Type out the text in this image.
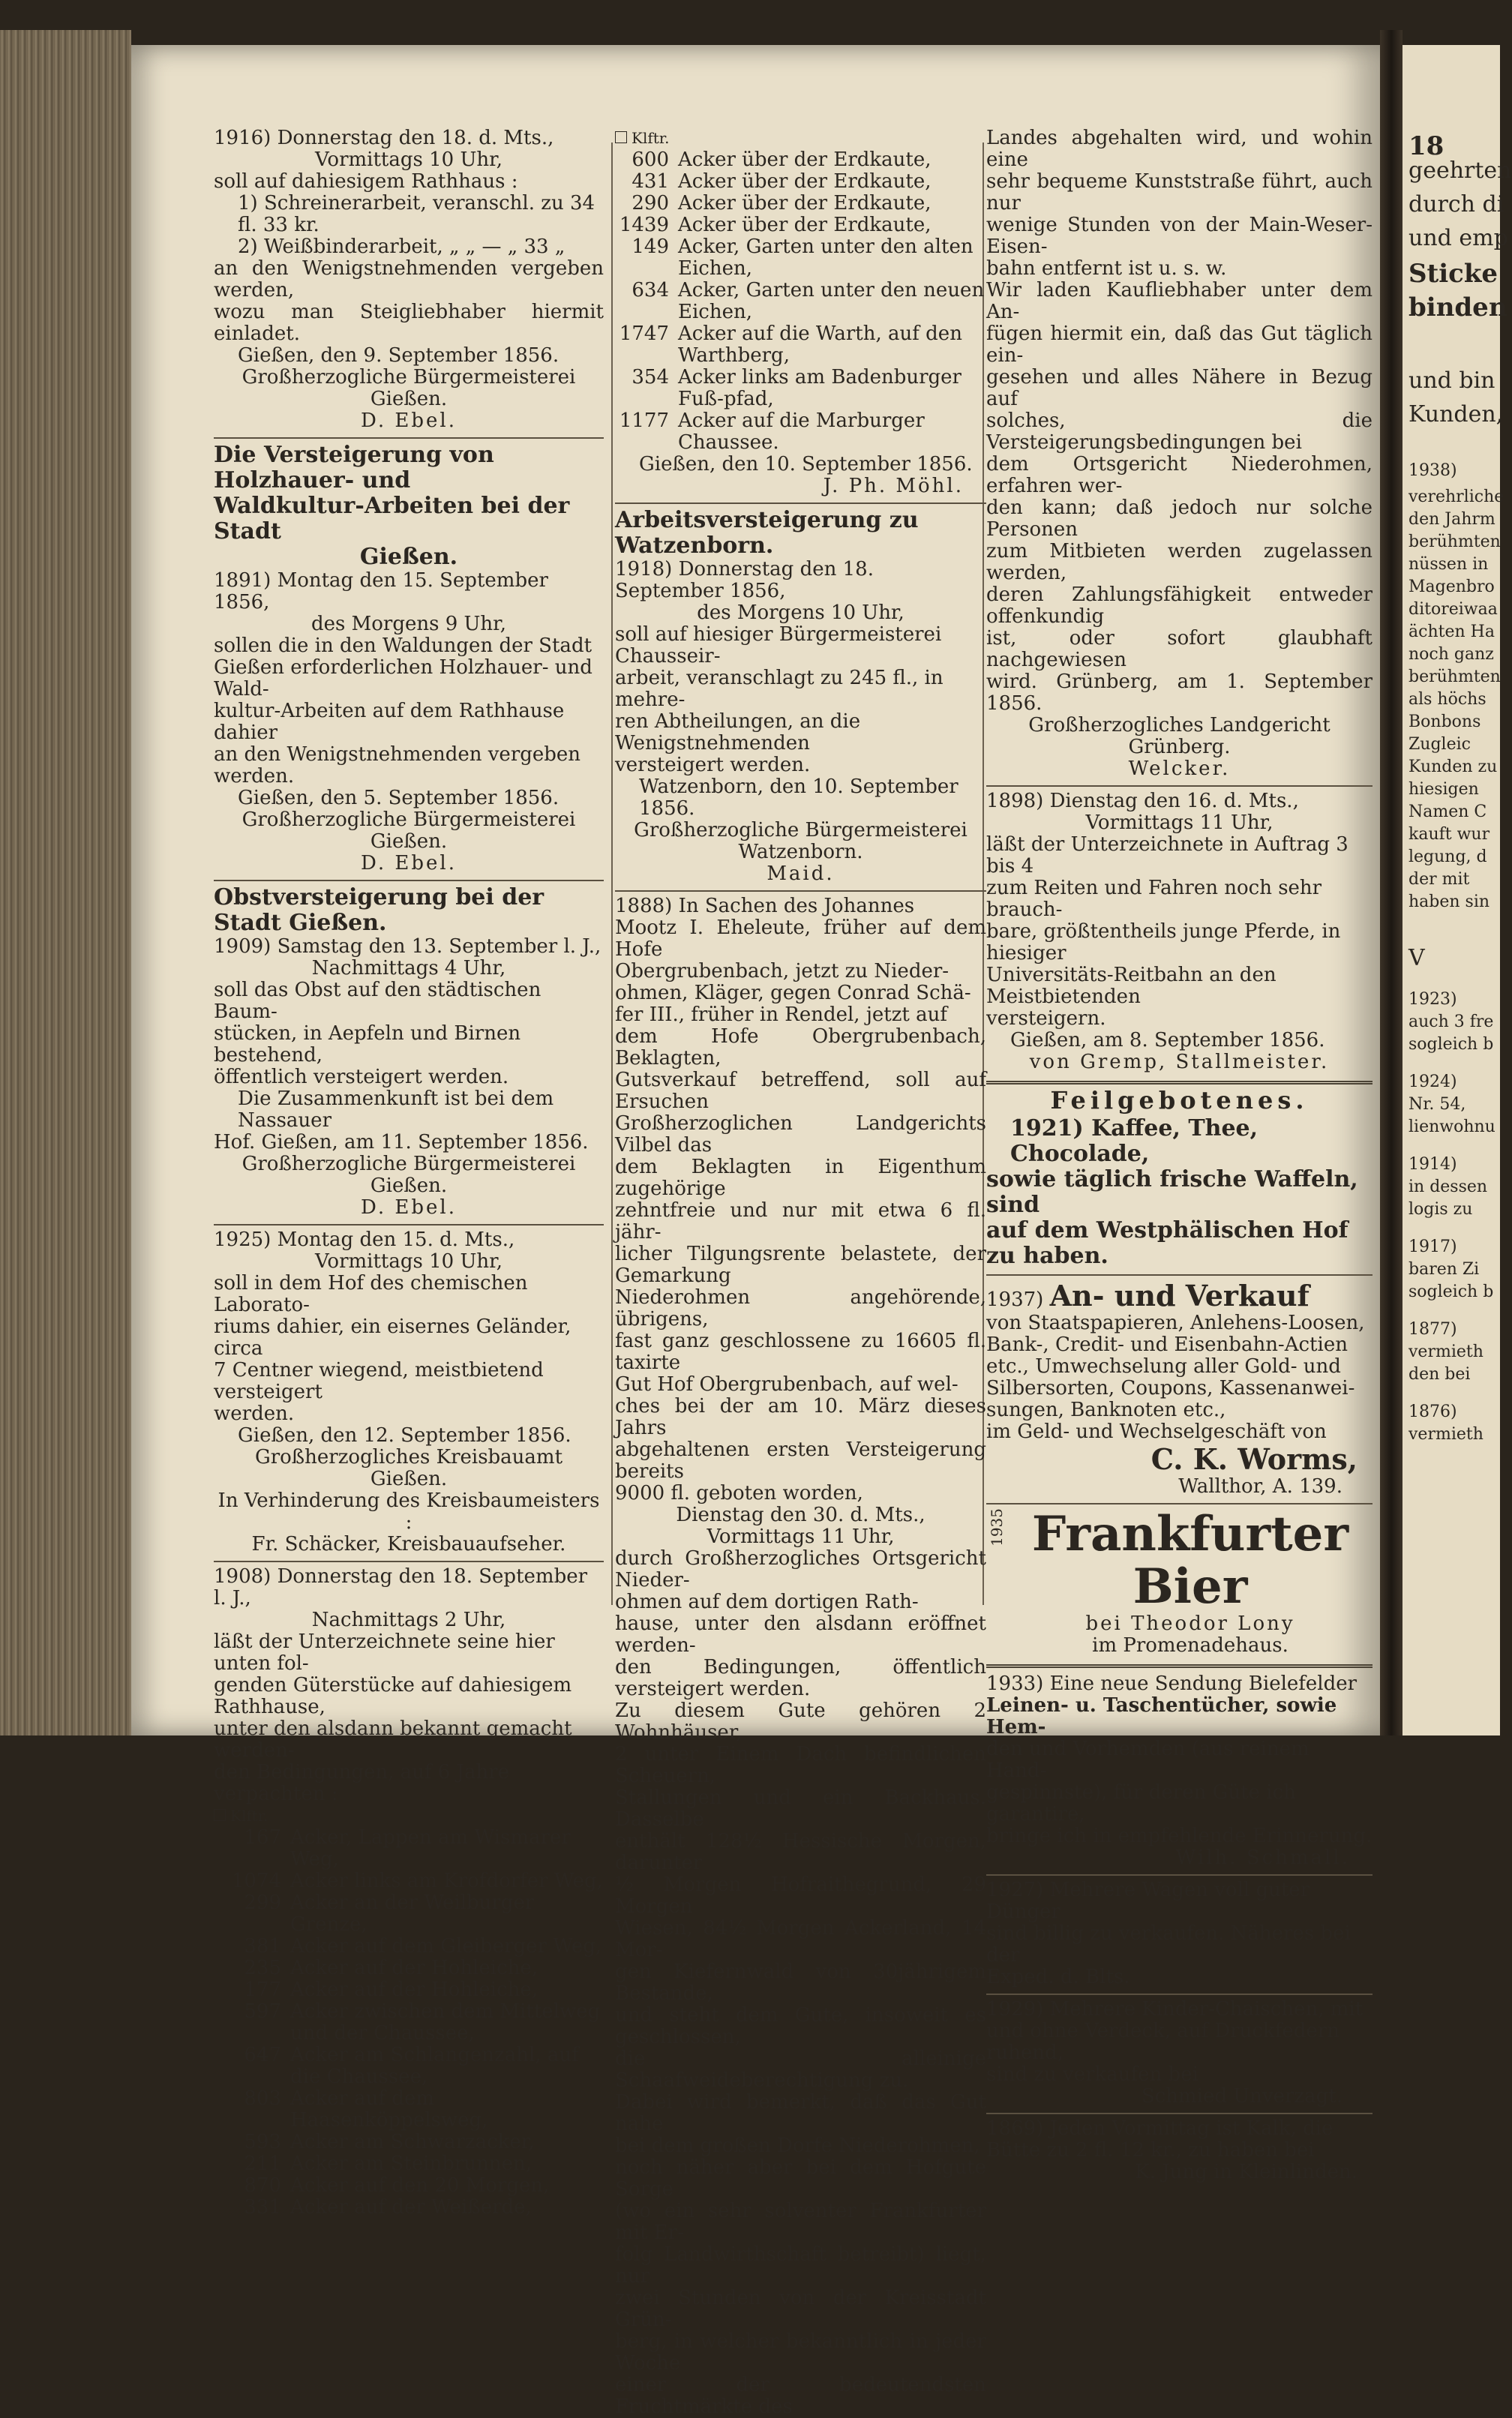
1916) Donnerstag den 18. d. Mts.,

Vormittags 10 Uhr,

soll auf dahiesigem Rathhaus :

1) Schreinerarbeit, veranschl. zu 34 fl. 33 kr.

2) Weißbinderarbeit, „ „ — „ 33 „

an den Wenigstnehmenden vergeben werden,

wozu man Steigliebhaber hiermit einladet.

Gießen, den 9. September 1856.

Großherzogliche Bürgermeisterei Gießen.

D. Ebel.

Die Versteigerung von Holzhauer- und

Waldkultur-Arbeiten bei der Stadt

Gießen.

1891) Montag den 15. September 1856,

des Morgens 9 Uhr,

sollen die in den Waldungen der Stadt

Gießen erforderlichen Holzhauer- und Wald-

kultur-Arbeiten auf dem Rathhause dahier

an den Wenigstnehmenden vergeben werden.

Gießen, den 5. September 1856.

Großherzogliche Bürgermeisterei Gießen.

D. Ebel.

Obstversteigerung bei der Stadt Gießen.

1909) Samstag den 13. September l. J.,

Nachmittags 4 Uhr,

soll das Obst auf den städtischen Baum-

stücken, in Aepfeln und Birnen bestehend,

öffentlich versteigert werden.

Die Zusammenkunft ist bei dem Nassauer

Hof. Gießen, am 11. September 1856.

Großherzogliche Bürgermeisterei Gießen.

D. Ebel.

1925) Montag den 15. d. Mts.,

Vormittags 10 Uhr,

soll in dem Hof des chemischen Laborato-

riums dahier, ein eisernes Geländer, circa

7 Centner wiegend, meistbietend versteigert

werden.

Gießen, den 12. September 1856.

Großherzogliches Kreisbauamt Gießen.

In Verhinderung des Kreisbaumeisters :

Fr. Schäcker, Kreisbauaufseher.

1908) Donnerstag den 18. September l. J.,

Nachmittags 2 Uhr,

läßt der Unterzeichnete seine hier unten fol-

genden Güterstücke auf dahiesigem Rathhause,

unter den alsdann bekannt gemacht werden-

den Bedingungen, auf 6 Jahre verpachten :

Klftr.

167 Acker, Lappen am Wismarer Weg,
1074 Acker links am Krofdorfer Weg,
299 Acker an der Weilburger Grenze,
381 Acker auf dem Gleiberger Weg,
235 Acker auf der Hohleiche,
177 Acker auf der Hohleiche,
597 Acker zwischen dem Mittelweg und der Chaussee,
647 Acker am Schlangenzahl, auf die Chaussee,
803 Acker auf dem Haasenköppelsweg,
593 Acker am Schwarzacker,
211 Acker am Steinbrunnen,
870 Acker auf den 20 Morgen,
331 Acker auf der Weißerde,

Klftr.

600 Acker über der Erdkaute,
431 Acker über der Erdkaute,
290 Acker über der Erdkaute,
1439 Acker über der Erdkaute,
149 Acker, Garten unter den alten Eichen,
634 Acker, Garten unter den neuen Eichen,
1747 Acker auf die Warth, auf den Warthberg,
354 Acker links am Badenburger Fuß-pfad,
1177 Acker auf die Marburger Chaussee.

Gießen, den 10. September 1856.

J. Ph. Möhl.

Arbeitsversteigerung zu Watzenborn.

1918) Donnerstag den 18. September 1856,

des Morgens 10 Uhr,

soll auf hiesiger Bürgermeisterei Chausseir-

arbeit, veranschlagt zu 245 fl., in mehre-

ren Abtheilungen, an die Wenigstnehmenden

versteigert werden.

Watzenborn, den 10. September 1856.

Großherzogliche Bürgermeisterei Watzenborn.

Maid.

1888) In Sachen des Johannes

Mootz I. Eheleute, früher auf dem Hofe

Obergrubenbach, jetzt zu Nieder-

ohmen, Kläger, gegen Conrad Schä-

fer III., früher in Rendel, jetzt auf

dem Hofe Obergrubenbach, Beklagten,

Gutsverkauf betreffend, soll auf Ersuchen

Großherzoglichen Landgerichts Vilbel das

dem Beklagten in Eigenthum zugehörige

zehntfreie und nur mit etwa 6 fl. jähr-

licher Tilgungsrente belastete, der Gemarkung

Niederohmen angehörende, übrigens,

fast ganz geschlossene zu 16605 fl. taxirte

Gut Hof Obergrubenbach, auf wel-

ches bei der am 10. März dieses Jahrs

abgehaltenen ersten Versteigerung bereits

9000 fl. geboten worden,

Dienstag den 30. d. Mts.,

Vormittags 11 Uhr,

durch Großherzogliches Ortsgericht Nieder-

ohmen auf dem dortigen Rath-

hause, unter den alsdann eröffnet werden-

den Bedingungen, öffentlich versteigert werden.

Zu diesem Gute gehören 2 Wohnhäuser,

2 unter Einem Dach befindlichen Scheuern,

Stallungen und ein Backhaus. Dasselbe

enthält 128½ Hessische Morgen, darunter

½ Morgen Hofraithegrund, 29 Morgen

Wiesen, 84½ Morgen Ackerland, 14 Mor-

gen Kiefernwald von 30jährigem Bestande,

und steht dem Gute, insoweit es geschlossen,

die alleinige Schaafweideberechtigung zu.

Dabei wird bemerkt, daß das Gut nahe

bei dem großen Dorfe Niederohmen,

noch näher aber bei dem Hofgute Sorge

(wo ein sehr solventer Frankfurter mit Er-

folg Landwirthschaft betreibt) liegt, nur

zwei Stunden von der Kreisstadt Grün-

berg, in welcher bekanntlich in jeder Woche

einer der bedeutendsten Fruchtmärkte des

Landes abgehalten wird, und wohin eine

sehr bequeme Kunststraße führt, auch nur

wenige Stunden von der Main-Weser-Eisen-

bahn entfernt ist u. s. w.

Wir laden Kaufliebhaber unter dem An-

fügen hiermit ein, daß das Gut täglich ein-

gesehen und alles Nähere in Bezug auf

solches, die Versteigerungsbedingungen bei

dem Ortsgericht Niederohmen, erfahren wer-

den kann; daß jedoch nur solche Personen

zum Mitbieten werden zugelassen werden,

deren Zahlungsfähigkeit entweder offenkundig

ist, oder sofort glaubhaft nachgewiesen

wird. Grünberg, am 1. September 1856.

Großherzogliches Landgericht Grünberg.

Welcker.

1898) Dienstag den 16. d. Mts.,

Vormittags 11 Uhr,

läßt der Unterzeichnete in Auftrag 3 bis 4

zum Reiten und Fahren noch sehr brauch-

bare, größtentheils junge Pferde, in hiesiger

Universitäts-Reitbahn an den Meistbietenden

versteigern.

Gießen, am 8. September 1856.

von Gremp, Stallmeister.

Feilgebotenes.

1921) Kaffee, Thee, Chocolade,

sowie täglich frische Waffeln, sind

auf dem Westphälischen Hof

zu haben.

1937) An- und Verkauf

von Staatspapieren, Anlehens-Loosen,

Bank-, Credit- und Eisenbahn-Actien

etc., Umwechselung aller Gold- und

Silbersorten, Coupons, Kassenanwei-

sungen, Banknoten etc.,

im Geld- und Wechselgeschäft von

C. K. Worms,

Wallthor, A. 139.

1935 Frankfurter Bier

bei Theodor Lony

im Promenadehaus.

1933) Eine neue Sendung Bielefelder

Leinen- u. Taschentücher, sowie Hem-

den und Vorhemden (aus reinem Hand-

gespinnste), für deren Güte ich garantire,

bringe ich in empfehlende Erinnerung.

Wilh. Schmall.

1927) Mehrere Wagen voll guter Dünger

sind billig zu verkaufen. Näheres bei der

Exped. d. Blts.

1929) Mehrere Kinder-Chaischen, mit

und ohne Verdeck, auf Druckfedern ruhend,

sind zu verkaufen bei

Schmied Unverzagt.

1869) Jeden Vormittag ist Kalk, die

Bütte zu 2 fl. 12 kr., zu haben bei

K. Jung in Kleinlinden.

18
geehrten
durch di
und emp
Sticke
binden
und bin
Kunden,
1938)
verehrliche
den Jahrm
berühmten
nüssen in
Magenbro
ditoreiwaa
ächten Ha
noch ganz
berühmten
als höchs
Bonbons
Zugleic
Kunden zu
hiesigen
Namen C
kauft wur
legung, d
der mit
haben sin
V
1923)
auch 3 fre
sogleich b
1924)
Nr. 54,
lienwohnu
1914)
in dessen
logis zu
1917)
baren Zi
sogleich b
1877)
vermieth
den bei
1876)
vermieth
